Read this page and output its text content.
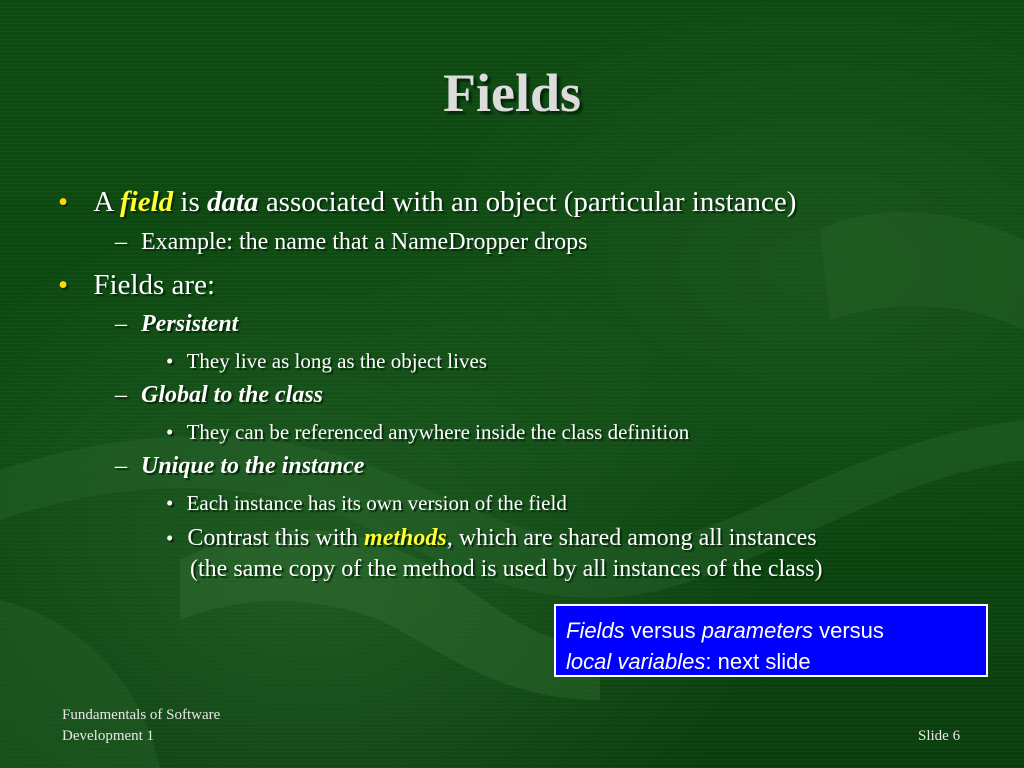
Fields
• A field is data associated with an object (particular instance)
– Example: the name that a NameDropper drops
• Fields are:
– Persistent
• They live as long as the object lives
– Global to the class
• They can be referenced anywhere inside the class definition
– Unique to the instance
• Each instance has its own version of the field
• Contrast this with methods, which are shared among all instances
(the same copy of the method is used by all instances of the class)
Fields versus parameters versus
local variables: next slide
Fundamentals of Software
Development 1	Slide 6
